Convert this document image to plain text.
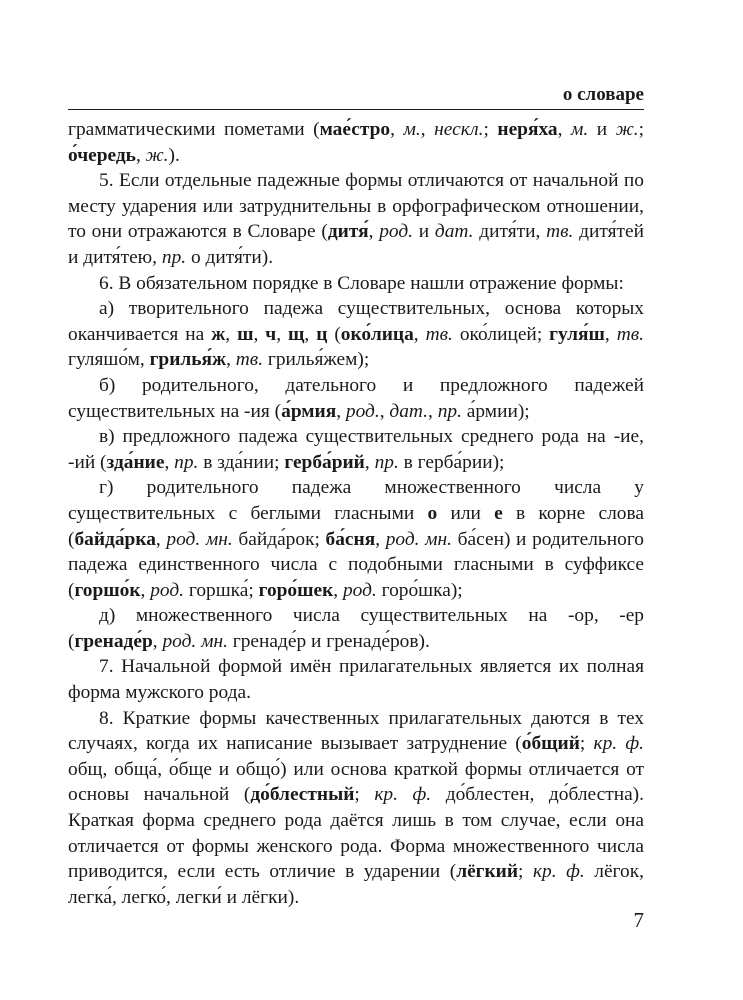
о словаре

грамматическими пометами (мае́стро, м., нескл.; неря́ха, м. и ж.; о́чередь, ж.).

5. Если отдельные падежные формы отличаются от начальной по месту ударения или затруднительны в орфографическом отношении, то они отражаются в Словаре (дитя́, род. и дат. дитя́ти, тв. дитя́тей и дитя́тею, пр. о дитя́ти).

6. В обязательном порядке в Словаре нашли отражение формы:

а) творительного падежа существительных, основа которых оканчивается на ж, ш, ч, щ, ц (око́лица, тв. око́лицей; гуля́ш, тв. гуляшо́м, грилья́ж, тв. грилья́жем);

б) родительного, дательного и предложного падежей существительных на -ия (а́рмия, род., дат., пр. а́рмии);

в) предложного падежа существительных среднего рода на -ие, -ий (зда́ние, пр. в зда́нии; герба́рий, пр. в герба́рии);

г) родительного падежа множественного числа у существительных с беглыми гласными о или е в корне слова (байда́рка, род. мн. байда́рок; ба́сня, род. мн. ба́сен) и родительного падежа единственного числа с подобными гласными в суффиксе (горшо́к, род. горшка́; горо́шек, род. горо́шка);

д) множественного числа существительных на -ор, -ер (гренаде́р, род. мн. гренаде́р и гренаде́ров).

7. Начальной формой имён прилагательных является их полная форма мужского рода.

8. Краткие формы качественных прилагательных даются в тех случаях, когда их написание вызывает затруднение (о́бщий; кр. ф. общ, обща́, о́бще и общо́) или основа краткой формы отличается от основы начальной (до́блестный; кр. ф. до́блестен, до́блестна). Краткая форма среднего рода даётся лишь в том случае, если она отличается от формы женского рода. Форма множественного числа приводится, если есть отличие в ударении (лёгкий; кр. ф. лёгок, легка́, легко́, легки́ и лёгки).

7
